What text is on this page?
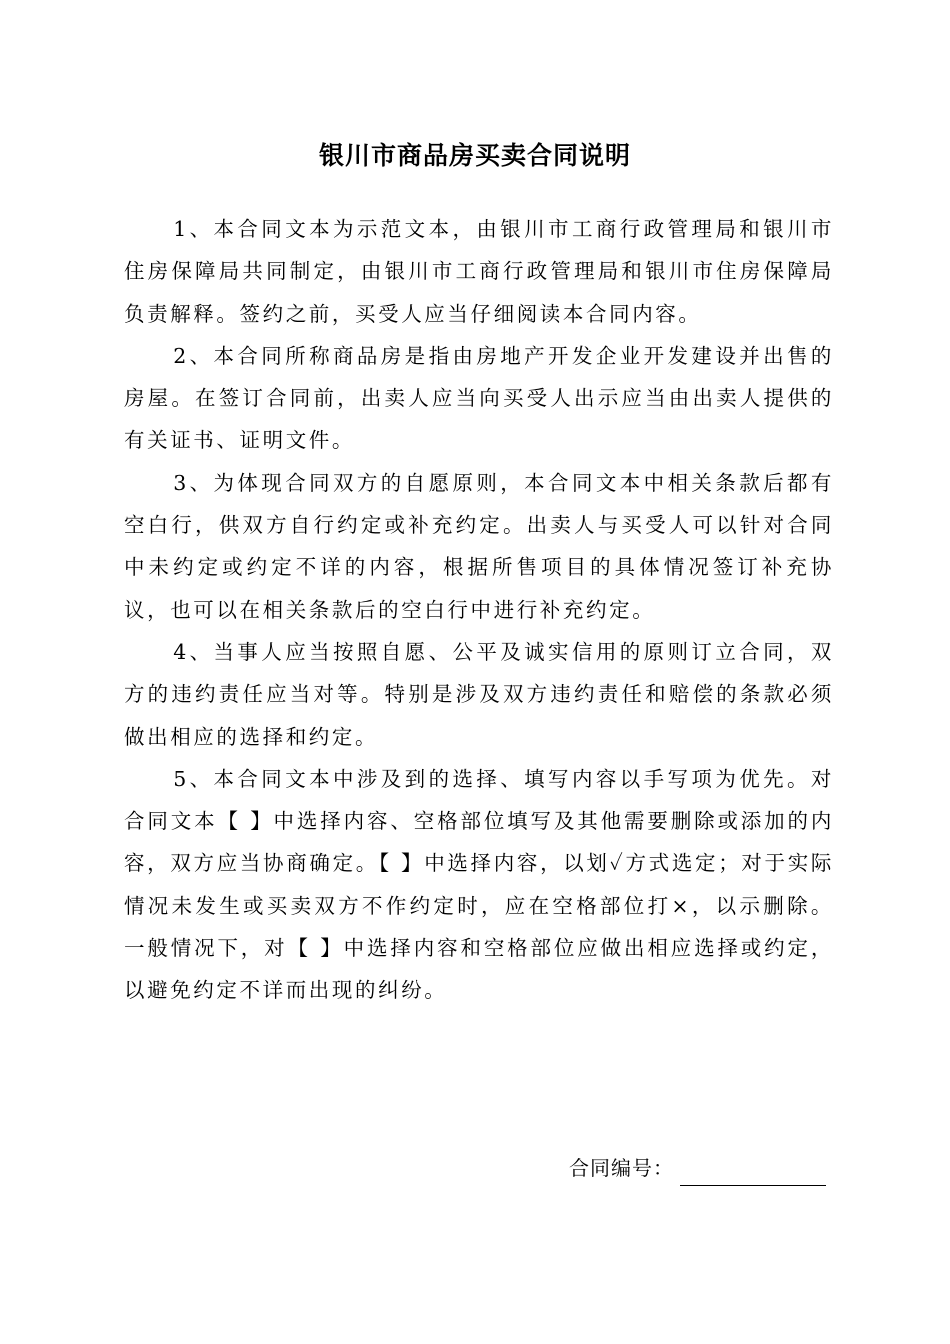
银川市商品房买卖合同说明

1、本合同文本为示范文本，由银川市工商行政管理局和银川市住房保障局共同制定，由银川市工商行政管理局和银川市住房保障局负责解释。签约之前，买受人应当仔细阅读本合同内容。

2、本合同所称商品房是指由房地产开发企业开发建设并出售的房屋。在签订合同前，出卖人应当向买受人出示应当由出卖人提供的有关证书、证明文件。

3、为体现合同双方的自愿原则，本合同文本中相关条款后都有空白行，供双方自行约定或补充约定。出卖人与买受人可以针对合同中未约定或约定不详的内容，根据所售项目的具体情况签订补充协议，也可以在相关条款后的空白行中进行补充约定。

4、当事人应当按照自愿、公平及诚实信用的原则订立合同，双方的违约责任应当对等。特别是涉及双方违约责任和赔偿的条款必须做出相应的选择和约定。

5、本合同文本中涉及到的选择、填写内容以手写项为优先。对合同文本【 】中选择内容、空格部位填写及其他需要删除或添加的内容，双方应当协商确定。【 】中选择内容，以划✓方式选定；对于实际情况未发生或买卖双方不作约定时，应在空格部位打×，以示删除。一般情况下，对【 】中选择内容和空格部位应做出相应选择或约定，以避免约定不详而出现的纠纷。

合同编号：
